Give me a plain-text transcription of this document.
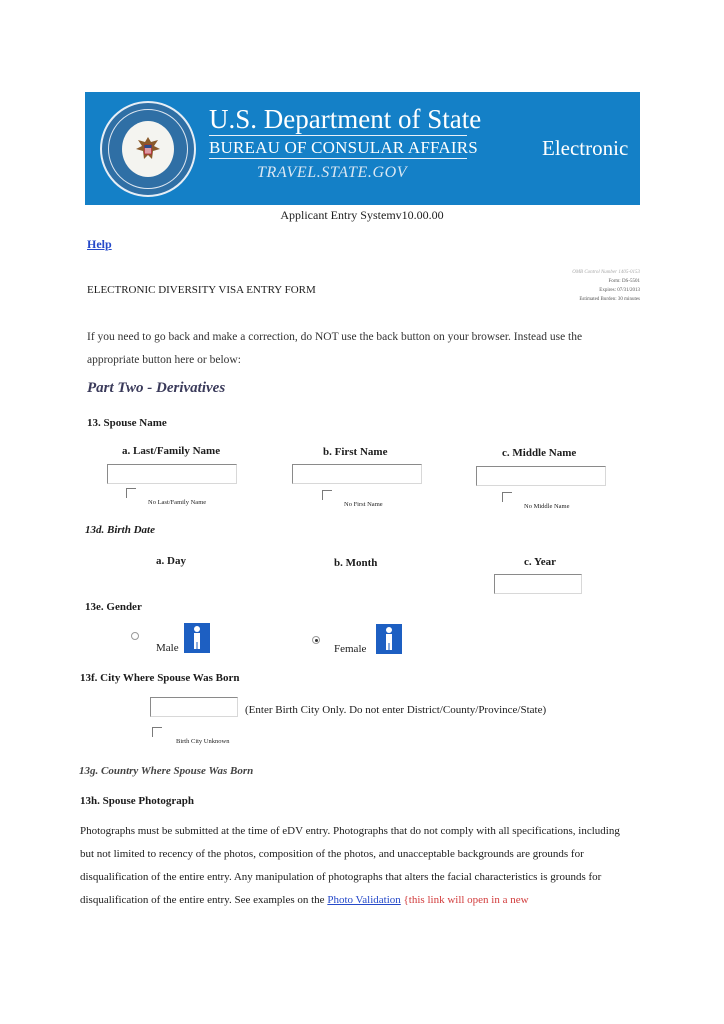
U.S. Department of State
BUREAU OF CONSULAR AFFAIRS
TRAVEL.STATE.GOV
Electronic
Applicant Entry Systemv10.00.00
Help
ELECTRONIC DIVERSITY VISA ENTRY FORM
OMB Control Number 1405-0153
Form: DS-5501
Expires: 07/31/2013
Estimated Burden: 30 minutes
If you need to go back and make a correction, do NOT use the back button on your browser. Instead use the appropriate button here or below:
Part Two - Derivatives
13. Spouse Name
a. Last/Family Name	b. First Name	c. Middle Name
No Last/Family Name	No First Name	No Middle Name
13d. Birth Date
a. Day	b. Month	c. Year
13e. Gender
Male	Female
13f. City Where Spouse Was Born
(Enter Birth City Only. Do not enter District/County/Province/State)
Birth City Unknown
13g. Country Where Spouse Was Born
13h. Spouse Photograph
Photographs must be submitted at the time of eDV entry. Photographs that do not comply with all specifications, including but not limited to recency of the photos, composition of the photos, and unacceptable backgrounds are grounds for disqualification of the entire entry. Any manipulation of photographs that alters the facial characteristics is grounds for disqualification of the entire entry. See examples on the Photo Validation {this link will open in a new
